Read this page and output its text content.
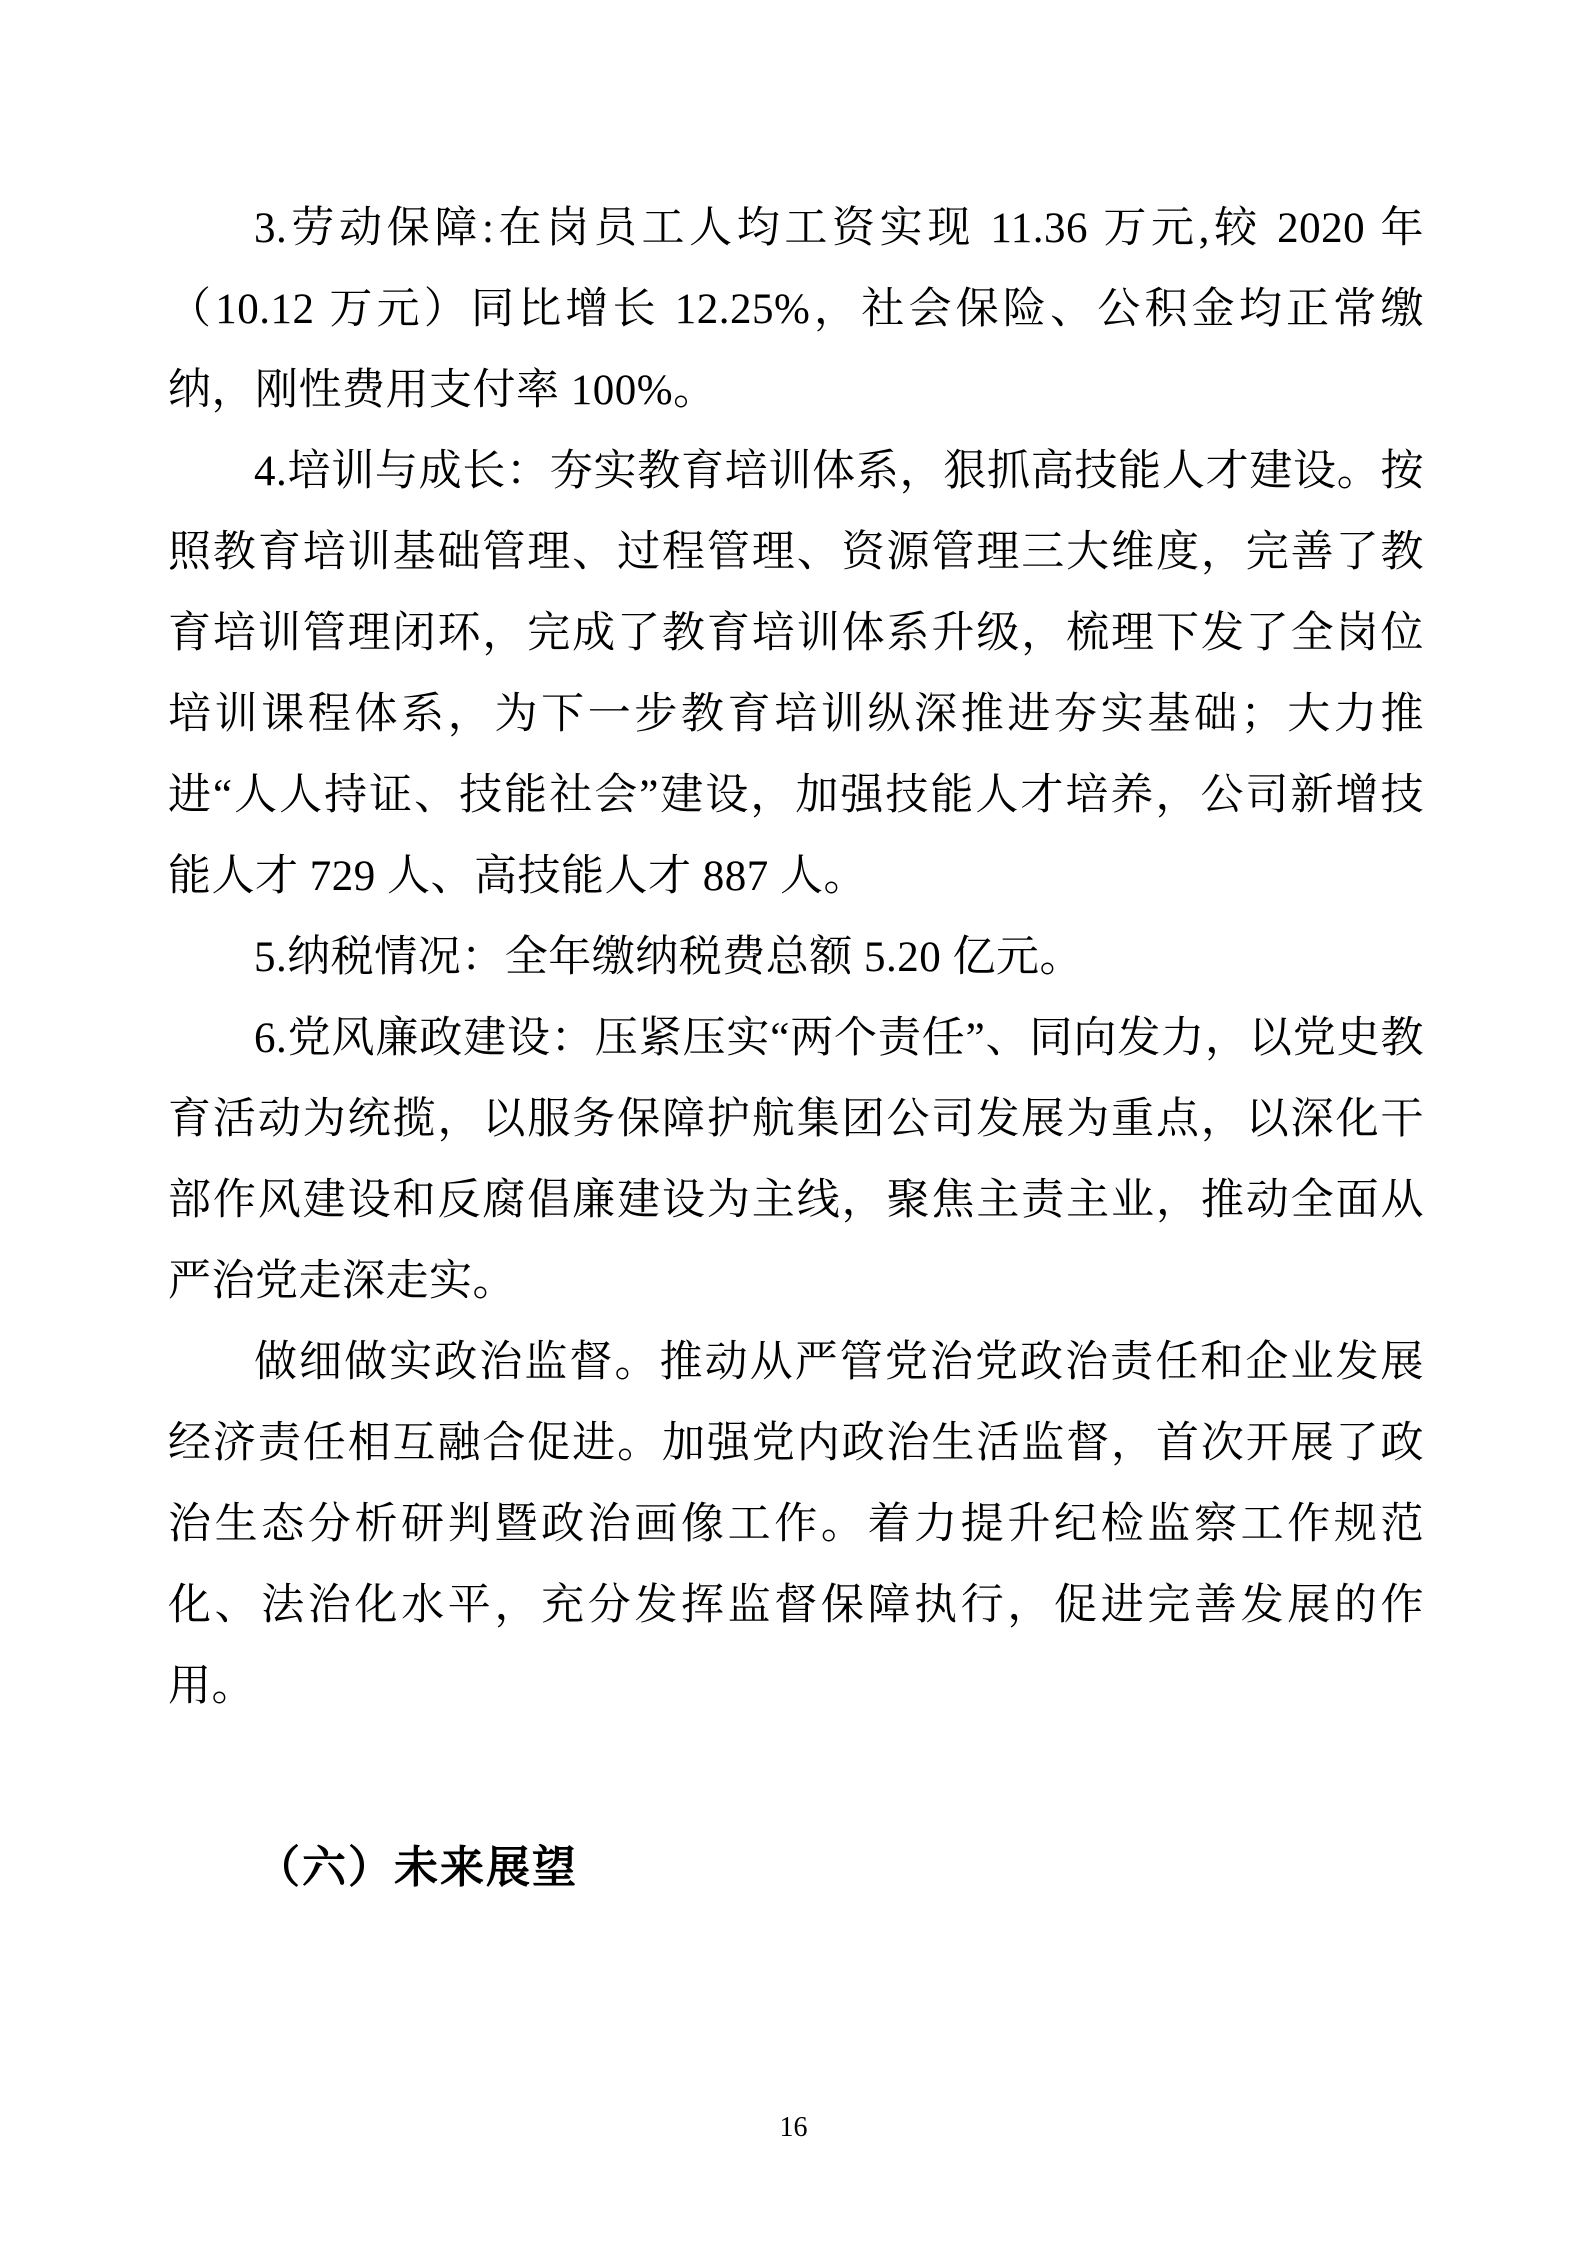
3.劳动保障:在岗员工人均工资实现 11.36 万元,较 2020 年（10.12 万元）同比增长 12.25%，社会保险、公积金均正常缴纳，刚性费用支付率 100%。

4.培训与成长：夯实教育培训体系，狠抓高技能人才建设。按照教育培训基础管理、过程管理、资源管理三大维度，完善了教育培训管理闭环，完成了教育培训体系升级，梳理下发了全岗位培训课程体系，为下一步教育培训纵深推进夯实基础；大力推进“人人持证、技能社会”建设，加强技能人才培养，公司新增技能人才 729 人、高技能人才 887 人。

5.纳税情况：全年缴纳税费总额 5.20 亿元。

6.党风廉政建设：压紧压实“两个责任”、同向发力，以党史教育活动为统揽，以服务保障护航集团公司发展为重点，以深化干部作风建设和反腐倡廉建设为主线，聚焦主责主业，推动全面从严治党走深走实。

做细做实政治监督。推动从严管党治党政治责任和企业发展经济责任相互融合促进。加强党内政治生活监督，首次开展了政治生态分析研判暨政治画像工作。着力提升纪检监察工作规范化、法治化水平，充分发挥监督保障执行，促进完善发展的作用。

（六）未来展望
16
